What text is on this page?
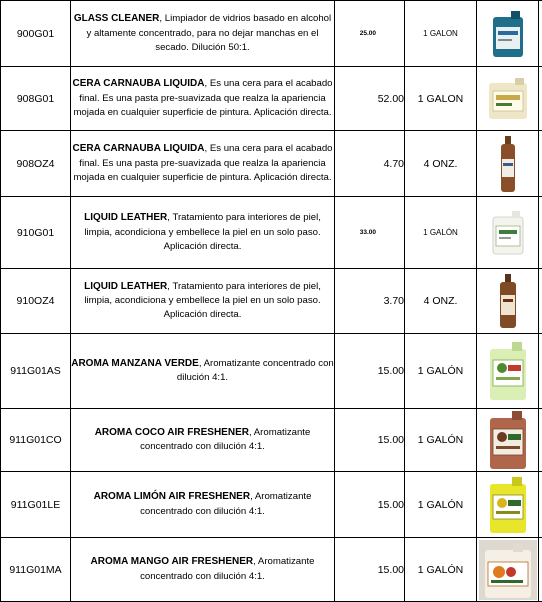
900G01	GLASS CLEANER, Limpiador de vidrios basado en alcohol y altamente concentrado, para no dejar manchas en el secado. Dilución 50:1.	25.00	1 GALON		
908G01	CERA CARNAUBA LIQUIDA, Es una cera para el acabado final. Es una pasta pre-suavizada que realza la apariencia mojada en cualquier superficie de pintura. Aplicación directa.	52.00	1 GALON		
908OZ4	CERA CARNAUBA LIQUIDA, Es una cera para el acabado final. Es una pasta pre-suavizada que realza la apariencia mojada en cualquier superficie de pintura. Aplicación directa.	4.70	4 ONZ.		
910G01	LIQUID LEATHER, Tratamiento para interiores de piel, limpia, acondiciona y embellece la piel en un solo paso. Aplicación directa.	33.00	1 GALÓN		
910OZ4	LIQUID LEATHER, Tratamiento para interiores de piel, limpia, acondiciona y embellece la piel en un solo paso. Aplicación directa.	3.70	4 ONZ.		
911G01AS	AROMA MANZANA VERDE, Aromatizante concentrado con dilución 4:1.	15.00	1 GALÓN		
911G01CO	AROMA COCO AIR FRESHENER, Aromatizante concentrado con dilución 4:1.	15.00	1 GALÓN		
911G01LE	AROMA LIMÓN AIR FRESHENER, Aromatizante concentrado con dilución 4:1.	15.00	1 GALÓN		
911G01MA	AROMA MANGO AIR FRESHENER, Aromatizante concentrado con dilución 4:1.	15.00	1 GALÓN		
